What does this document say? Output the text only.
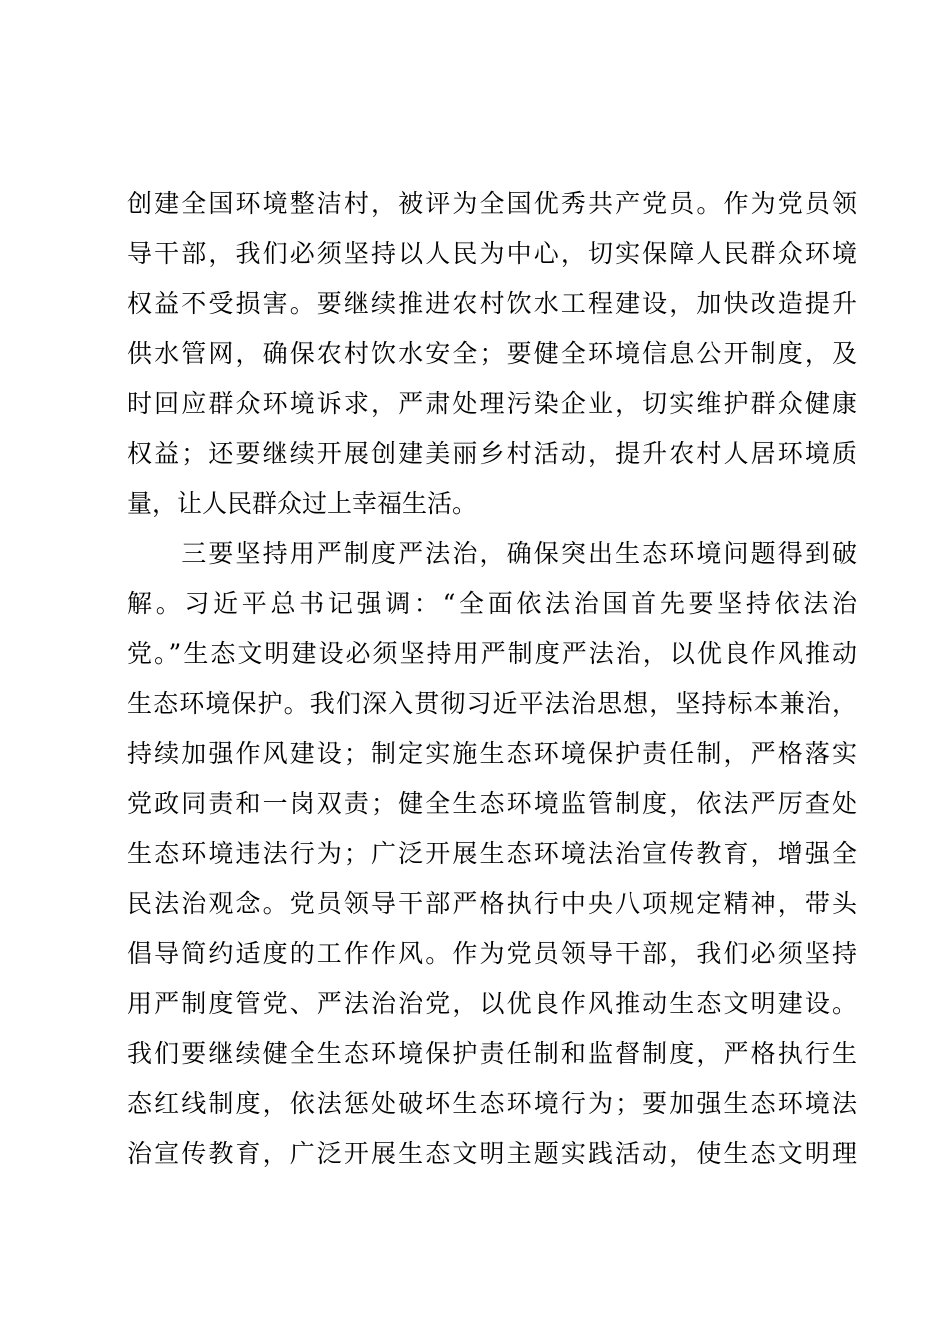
创建全国环境整洁村，被评为全国优秀共产党员。作为党员领
导干部，我们必须坚持以人民为中心，切实保障人民群众环境
权益不受损害。要继续推进农村饮水工程建设，加快改造提升
供水管网，确保农村饮水安全；要健全环境信息公开制度，及
时回应群众环境诉求，严肃处理污染企业，切实维护群众健康
权益；还要继续开展创建美丽乡村活动，提升农村人居环境质
量，让人民群众过上幸福生活。
　　三要坚持用严制度严法治，确保突出生态环境问题得到破
解。习近平总书记强调：“全面依法治国首先要坚持依法治
党。”生态文明建设必须坚持用严制度严法治，以优良作风推动
生态环境保护。我们深入贯彻习近平法治思想，坚持标本兼治，
持续加强作风建设；制定实施生态环境保护责任制，严格落实
党政同责和一岗双责；健全生态环境监管制度，依法严厉查处
生态环境违法行为；广泛开展生态环境法治宣传教育，增强全
民法治观念。党员领导干部严格执行中央八项规定精神，带头
倡导简约适度的工作作风。作为党员领导干部，我们必须坚持
用严制度管党、严法治治党，以优良作风推动生态文明建设。
我们要继续健全生态环境保护责任制和监督制度，严格执行生
态红线制度，依法惩处破坏生态环境行为；要加强生态环境法
治宣传教育，广泛开展生态文明主题实践活动，使生态文明理
